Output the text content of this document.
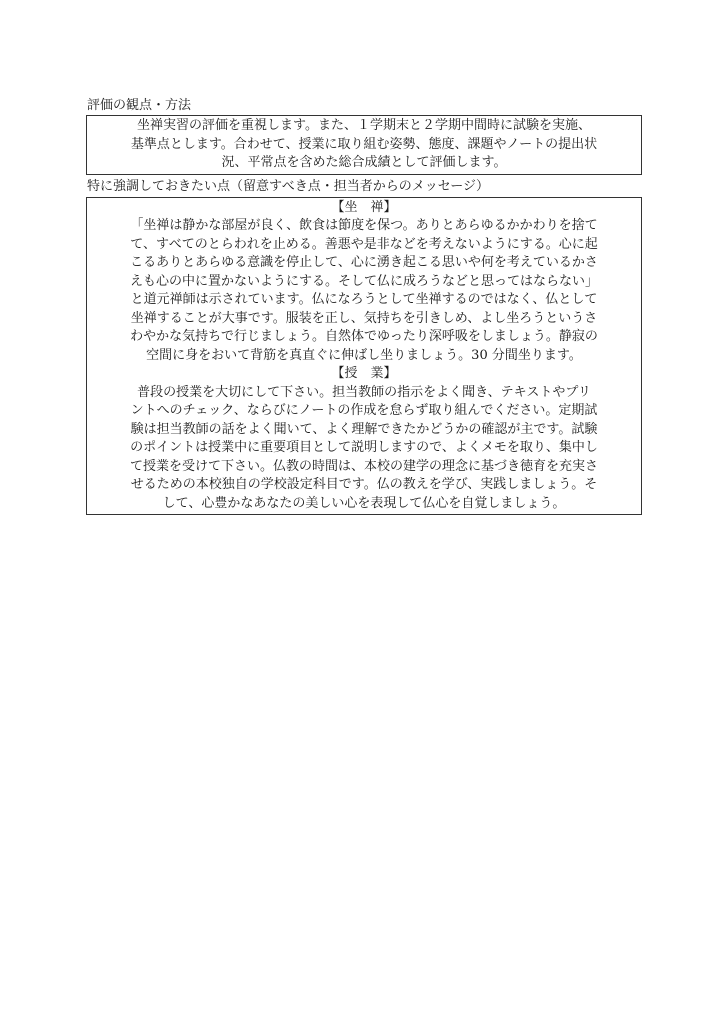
評価の観点・方法

坐禅実習の評価を重視します。また、１学期末と２学期中間時に試験を実施、
基準点とします。合わせて、授業に取り組む姿勢、態度、課題やノートの提出状
況、平常点を含めた総合成績として評価します。

特に強調しておきたい点（留意すべき点・担当者からのメッセージ）

【坐　禅】
「坐禅は静かな部屋が良く、飲食は節度を保つ。ありとあらゆるかかわりを捨て
て、すべてのとらわれを止める。善悪や是非などを考えないようにする。心に起
こるありとあらゆる意識を停止して、心に湧き起こる思いや何を考えているかさ
えも心の中に置かないようにする。そして仏に成ろうなどと思ってはならない」
と道元禅師は示されています。仏になろうとして坐禅するのではなく、仏として
坐禅することが大事です。服装を正し、気持ちを引きしめ、よし坐ろうというさ
わやかな気持ちで行じましょう。自然体でゆったり深呼吸をしましょう。静寂の
空間に身をおいて背筋を真直ぐに伸ばし坐りましょう。30 分間坐ります。
【授　業】
普段の授業を大切にして下さい。担当教師の指示をよく聞き、テキストやプリ
ントへのチェック、ならびにノートの作成を怠らず取り組んでください。定期試
験は担当教師の話をよく聞いて、よく理解できたかどうかの確認が主です。試験
のポイントは授業中に重要項目として説明しますので、よくメモを取り、集中し
て授業を受けて下さい。仏教の時間は、本校の建学の理念に基づき徳育を充実さ
せるための本校独自の学校設定科目です。仏の教えを学び、実践しましょう。そ
して、心豊かなあなたの美しい心を表現して仏心を自覚しましょう。
